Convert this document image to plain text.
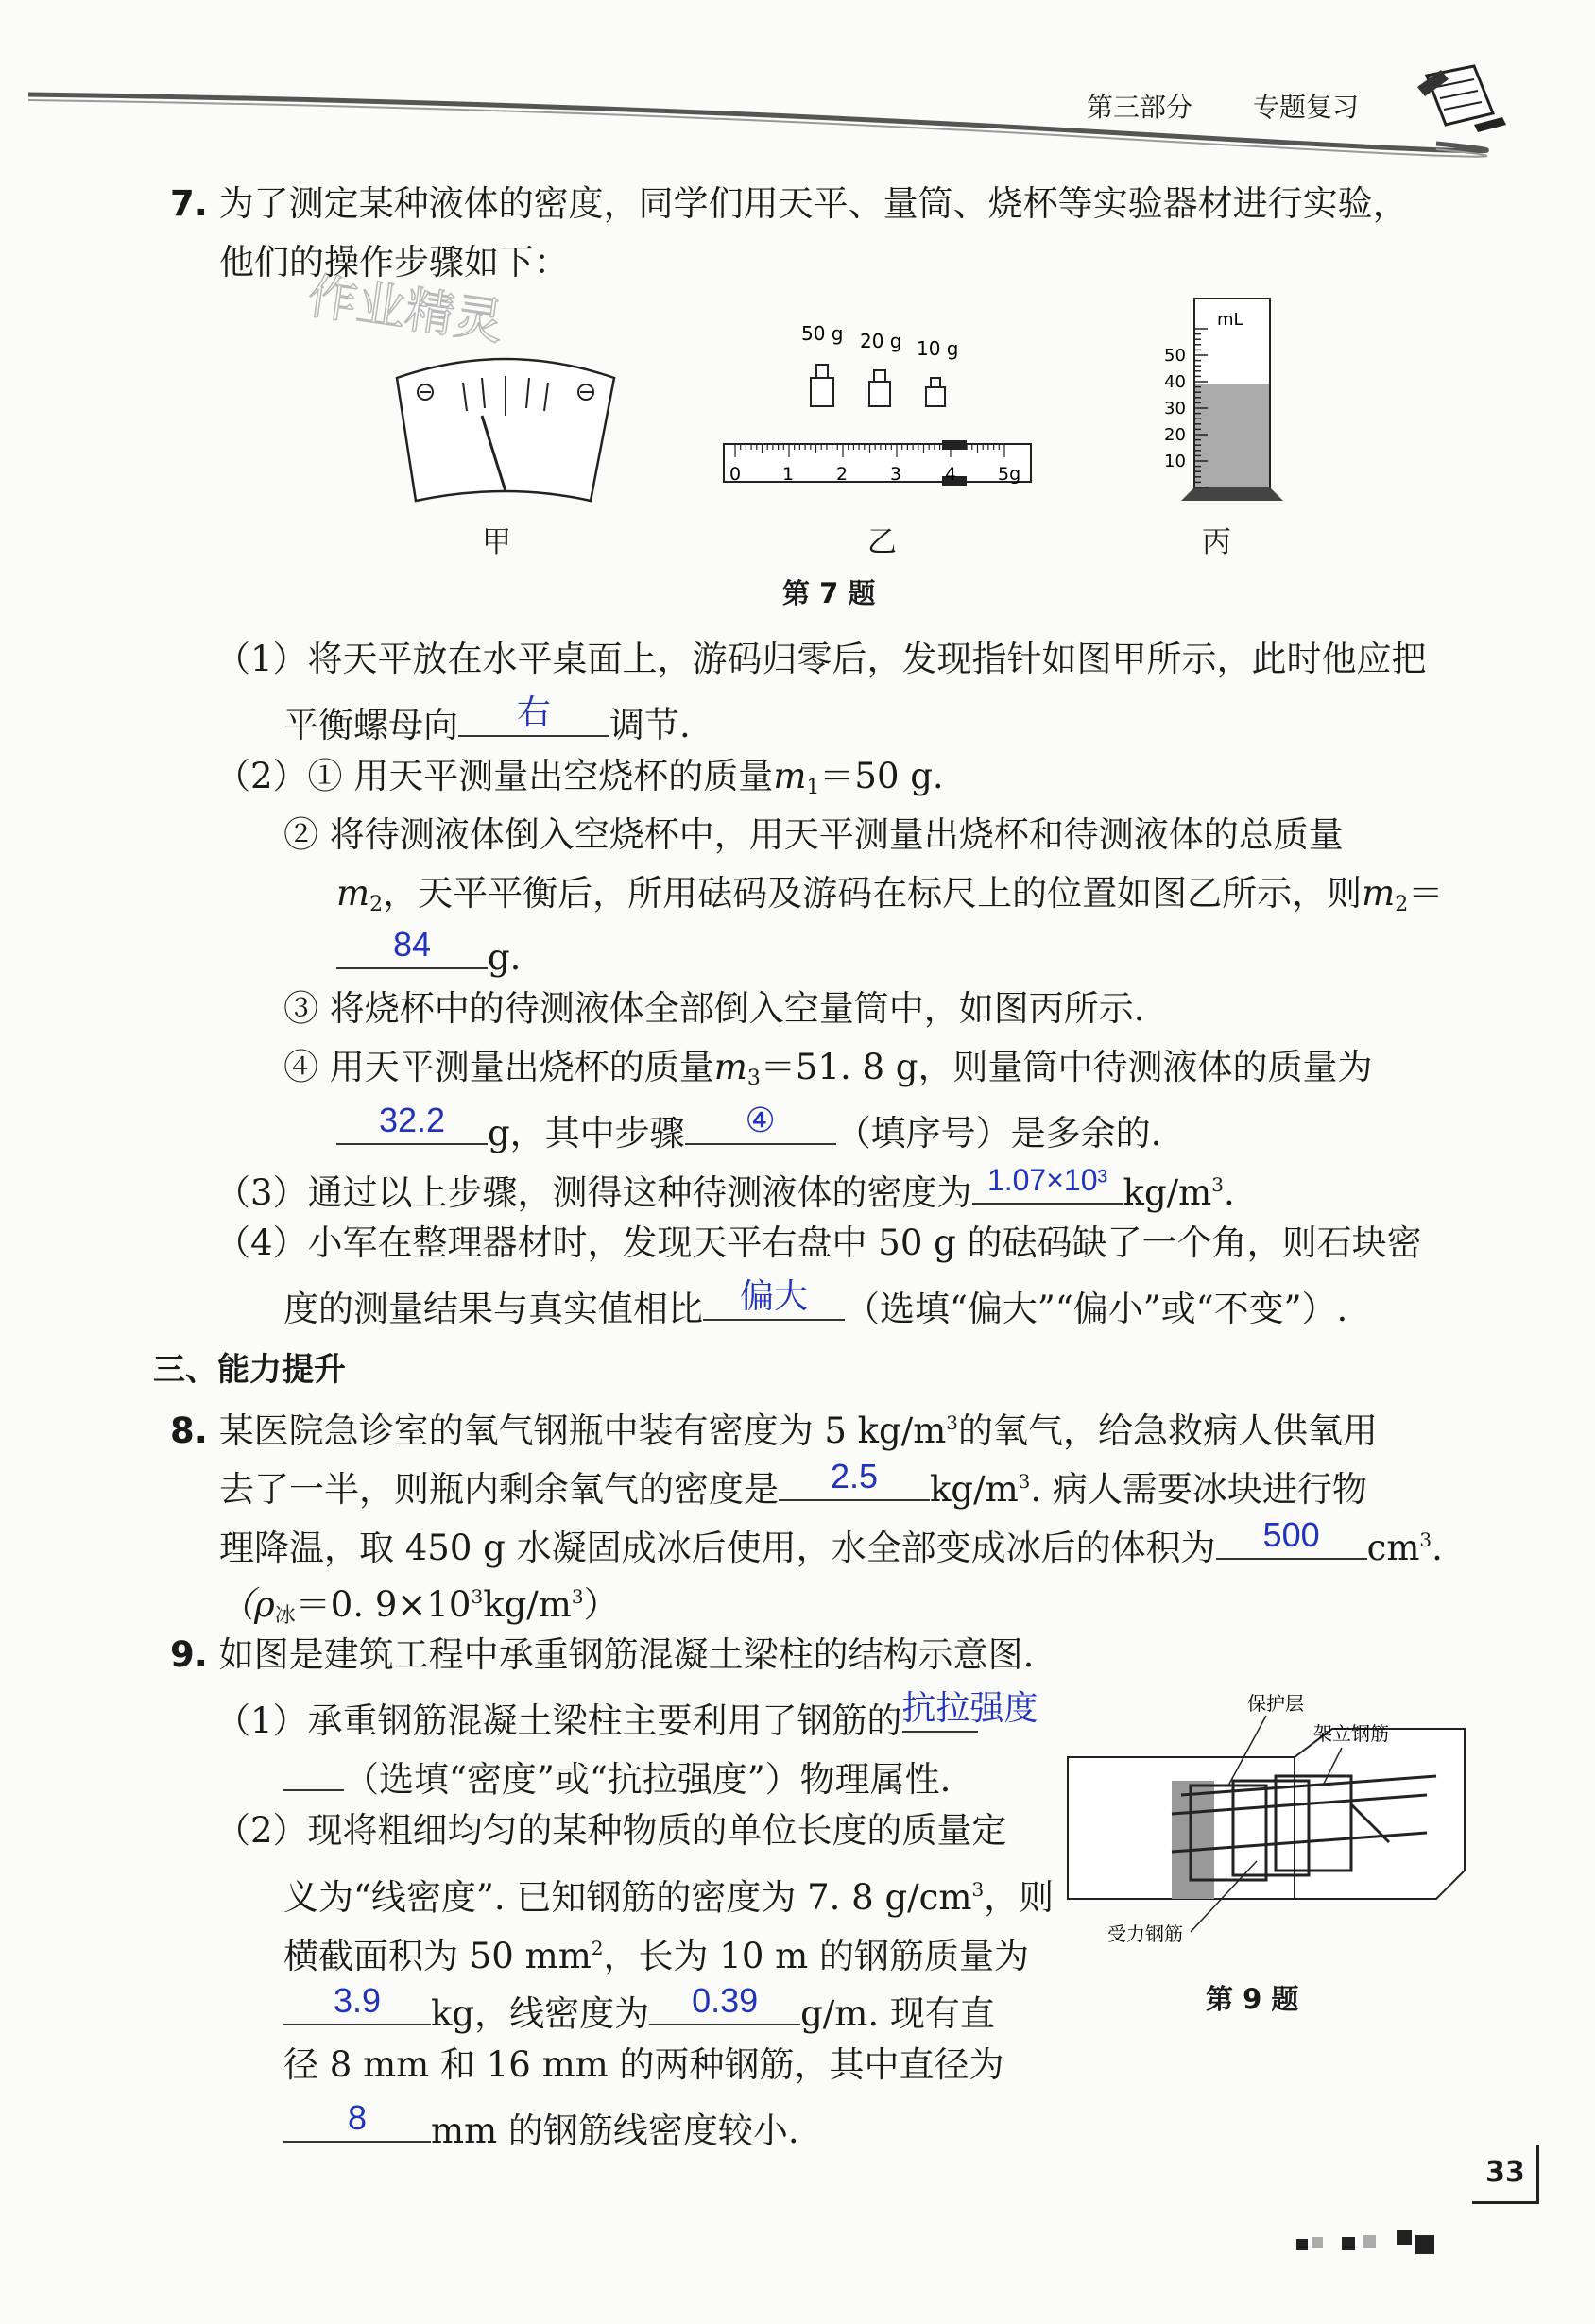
第三部分 专题复习
作业精灵
7. 为了测定某种液体的密度，同学们用天平、量筒、烧杯等实验器材进行实验，
他们的操作步骤如下：
甲
50 g 20 g 10 g
0 1 2 3 4 5g
乙
mL
50
40
30
20
10
丙
第 7 题
（1）将天平放在水平桌面上，游码归零后，发现指针如图甲所示，此时他应把
平衡螺母向	右	调节.
（2）① 用天平测量出空烧杯的质量$m_1=50$ g.
② 将待测液体倒入空烧杯中，用天平测量出烧杯和待测液体的总质量
$m_2$，天平平衡后，所用砝码及游码在标尺上的位置如图乙所示，则$m_2=$
84	g.
③ 将烧杯中的待测液体全部倒入空量筒中，如图丙所示.
④ 用天平测量出烧杯的质量$m_3=51$. 8 g，则量筒中待测液体的质量为
32.2	g，其中步骤	④	（填序号）是多余的.
（3）通过以上步骤，测得这种待测液体的密度为 1.07×10³ $kg/m^3$.
（4）小军在整理器材时，发现天平右盘中 50 g 的砝码缺了一个角，则石块密
度的测量结果与真实值相比	偏大	（选填“偏大”“偏小”或“不变”）.
三、能力提升
8. 某医院急诊室的氧气钢瓶中装有密度为 5 $kg/m^3$的氧气，给急救病人供氧用
去了一半，则瓶内剩余氧气的密度是	2.5	$kg/m^3$. 病人需要冰块进行物
理降温，取 450 g 水凝固成冰后使用，水全部变成冰后的体积为	500	$cm^3$.
（$\rho_冰=0$. $9\times 10^3kg/m^3$）
9. 如图是建筑工程中承重钢筋混凝土梁柱的结构示意图.
（1）承重钢筋混凝土梁柱主要利用了钢筋的 抗拉强度
（选填“密度”或“抗拉强度”）物理属性.
（2）现将粗细均匀的某种物质的单位长度的质量定
义为“线密度”. 已知钢筋的密度为 7. 8 $g/cm^3$，则
横截面积为 50 $mm^2$，长为 10 m 的钢筋质量为
3.9	kg，线密度为	0.39	g/m. 现有直
径 8 mm 和 16 mm 的两种钢筋，其中直径为
8	mm 的钢筋线密度较小.
保护层
架立钢筋
受力钢筋
第 9 题
33
